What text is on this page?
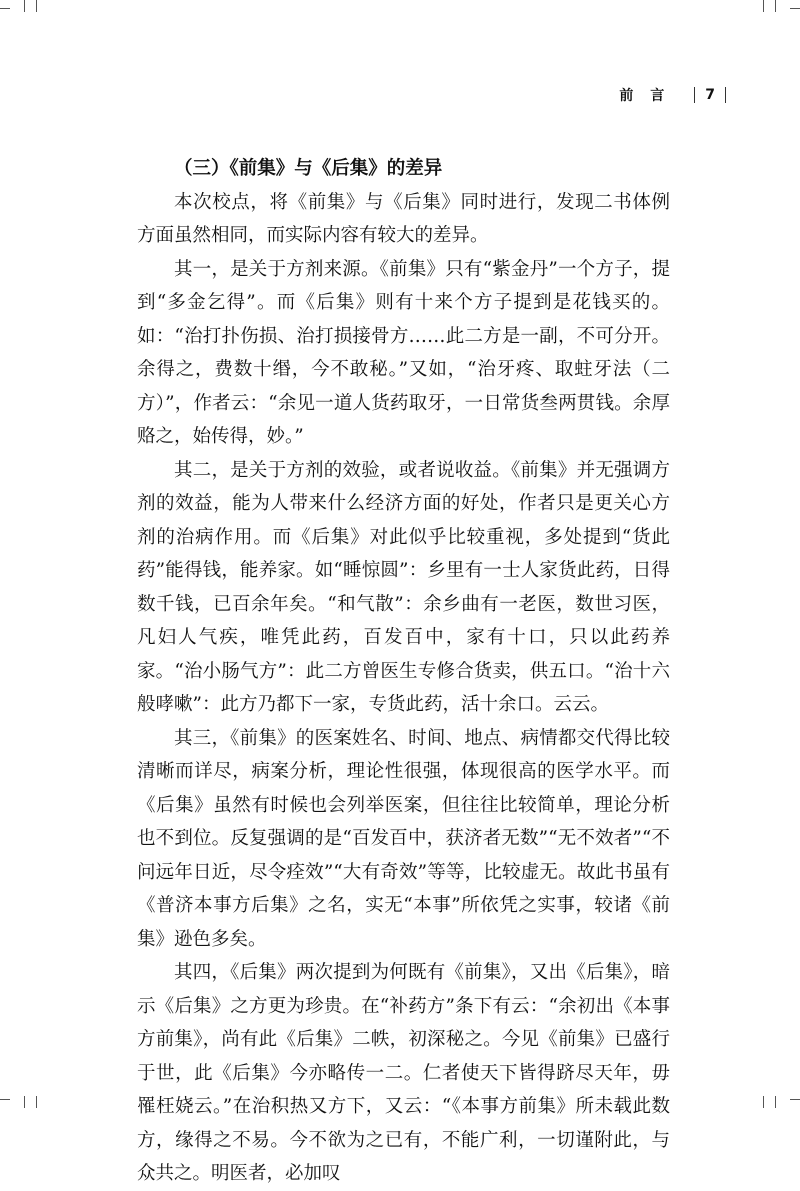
前 言	7

（三）《前集》与《后集》的差异

本次校点，将《前集》与《后集》同时进行，发现二书体例方面虽然相同，而实际内容有较大的差异。

其一，是关于方剂来源。《前集》只有“紫金丹”一个方子，提到“多金乞得”。而《后集》则有十来个方子提到是花钱买的。如：“治打扑伤损、治打损接骨方……此二方是一副，不可分开。余得之，费数十缗，今不敢秘。”又如，“治牙疼、取蛀牙法（二方）”，作者云：“余见一道人货药取牙，一日常货叁两贯钱。余厚赂之，始传得，妙。”

其二，是关于方剂的效验，或者说收益。《前集》并无强调方剂的效益，能为人带来什么经济方面的好处，作者只是更关心方剂的治病作用。而《后集》对此似乎比较重视，多处提到“货此药”能得钱，能养家。如“睡惊圆”：乡里有一士人家货此药，日得数千钱，已百余年矣。“和气散”：余乡曲有一老医，数世习医，凡妇人气疾，唯凭此药，百发百中，家有十口，只以此药养家。“治小肠气方”：此二方曾医生专修合货卖，供五口。“治十六般哮嗽”：此方乃都下一家，专货此药，活十余口。云云。

其三，《前集》的医案姓名、时间、地点、病情都交代得比较清晰而详尽，病案分析，理论性很强，体现很高的医学水平。而《后集》虽然有时候也会列举医案，但往往比较简单，理论分析也不到位。反复强调的是“百发百中，获济者无数”“无不效者”“不问远年日近，尽令痊效”“大有奇效”等等，比较虚无。故此书虽有《普济本事方后集》之名，实无“本事”所依凭之实事，较诸《前集》逊色多矣。

其四，《后集》两次提到为何既有《前集》，又出《后集》，暗示《后集》之方更为珍贵。在“补药方”条下有云：“余初出《本事方前集》，尚有此《后集》二帙，初深秘之。今见《前集》已盛行于世，此《后集》今亦略传一二。仁者使天下皆得跻尽天年，毋罹枉娆云。”在治积热又方下，又云：“《本事方前集》所未载此数方，缘得之不易。今不欲为之已有，不能广利，一切谨附此，与众共之。明医者，必加叹
